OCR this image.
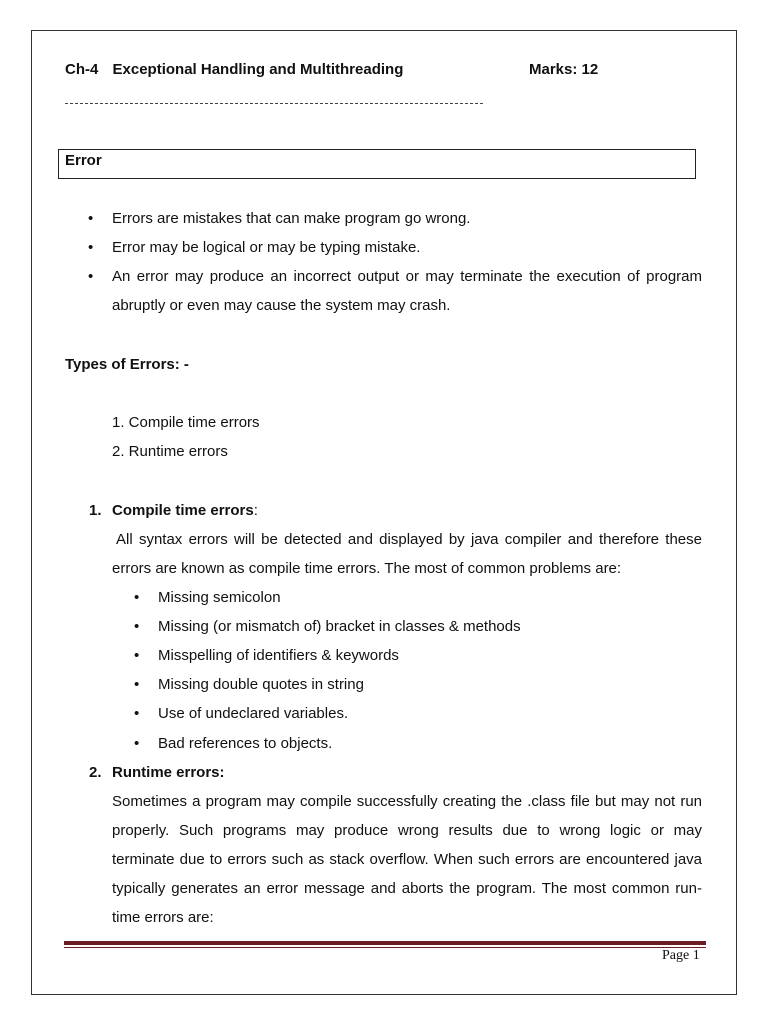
Ch-4 Exceptional Handling and Multithreading	Marks: 12
Error
• Errors are mistakes that can make program go wrong.
• Error may be logical or may be typing mistake.
• An error may produce an incorrect output or may terminate the execution of program
abruptly or even may cause the system may crash.
Types of Errors: -
1. Compile time errors
2. Runtime errors
1. Compile time errors:
All syntax errors will be detected and displayed by java compiler and therefore these
errors are known as compile time errors. The most of common problems are:
• Missing semicolon
• Missing (or mismatch of) bracket in classes & methods
• Misspelling of identifiers & keywords
• Missing double quotes in string
• Use of undeclared variables.
• Bad references to objects.
2. Runtime errors:
Sometimes a program may compile successfully creating the .class file but may not run
properly. Such programs may produce wrong results due to wrong logic or may
terminate due to errors such as stack overflow. When such errors are encountered java
typically generates an error message and aborts the program. The most common run-
time errors are:
Page 1
